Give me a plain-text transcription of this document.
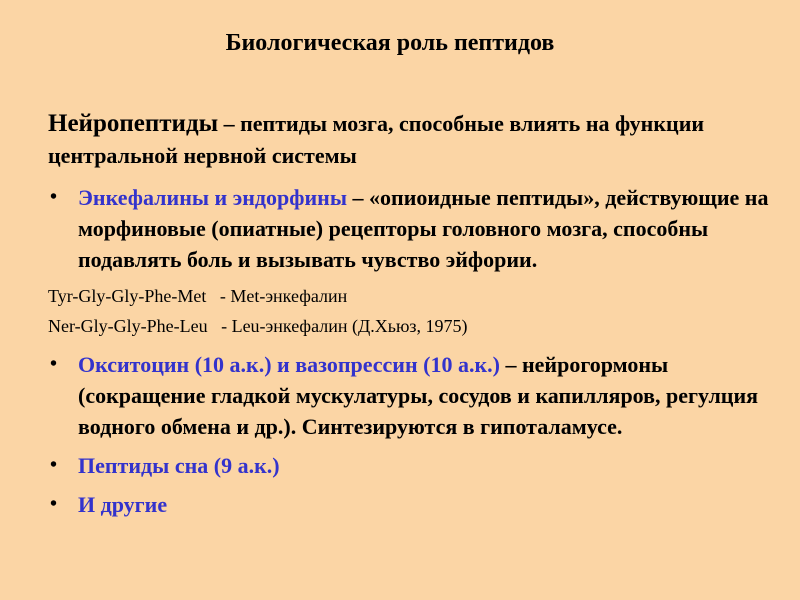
Биологическая роль пептидов
Нейропептиды – пептиды мозга, способные влиять на функции центральной нервной системы
• Энкефалины и эндорфины – «опиоидные пептиды», действующие на морфиновые (опиатные) рецепторы головного мозга, способны подавлять боль и вызывать чувство эйфории.
Tyr-Gly-Gly-Phe-Met   - Met-энкефалин
Ner-Gly-Gly-Phe-Leu   - Leu-энкефалин (Д.Хьюз, 1975)
• Окситоцин (10 а.к.) и вазопрессин (10 а.к.) – нейрогормоны (сокращение гладкой мускулатуры, сосудов и капилляров, регулция водного обмена и др.). Синтезируются в гипоталамусе.
• Пептиды сна (9 а.к.)
• И другие
